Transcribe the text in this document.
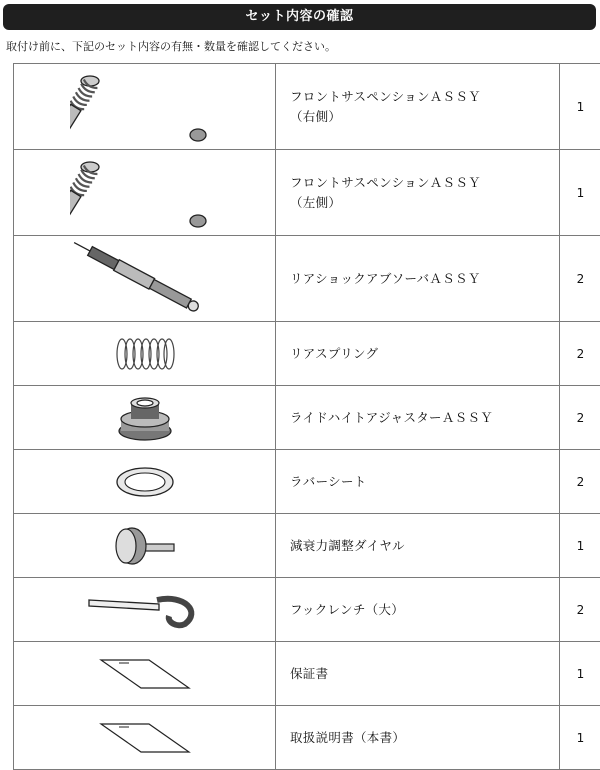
セット内容の確認
取付け前に、下記のセット内容の有無・数量を確認してください。

フロントサスペンションＡＳＳＹ
（右側）	1

フロントサスペンションＡＳＳＹ
（左側）	1

リアショックアブソーバＡＳＳＹ	2

リアスプリング	2

ライドハイトアジャスターＡＳＳＹ	2

ラバーシート	2

減衰力調整ダイヤル	1

フックレンチ（大）	2

保証書	1

取扱説明書（本書）	1
